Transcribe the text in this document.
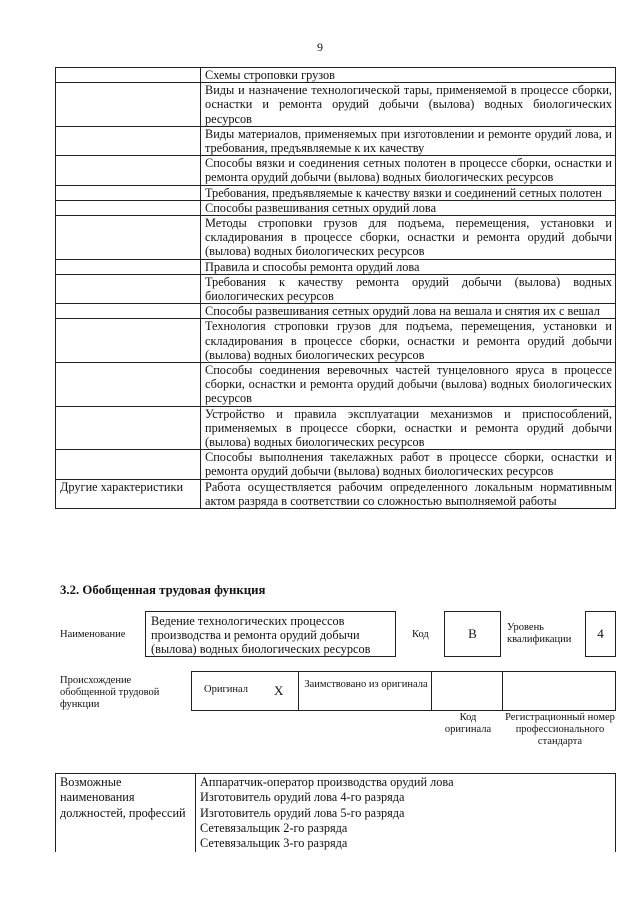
9
	Схемы строповки грузов
	Виды и назначение технологической тары, применяемой в процессе сборки, оснастки и ремонта орудий добычи (вылова) водных биологических ресурсов
	Виды материалов, применяемых при изготовлении и ремонте орудий лова, и требования, предъявляемые к их качеству
	Способы вязки и соединения сетных полотен в процессе сборки, оснастки и ремонта орудий добычи (вылова) водных биологических ресурсов
	Требования, предъявляемые к качеству вязки и соединений сетных полотен
	Способы развешивания сетных орудий лова
	Методы строповки грузов для подъема, перемещения, установки и складирования в процессе сборки, оснастки и ремонта орудий добычи (вылова) водных биологических ресурсов
	Правила и способы ремонта орудий лова
	Требования к качеству ремонта орудий добычи (вылова) водных биологических ресурсов
	Способы развешивания сетных орудий лова на вешала и снятия их с вешал
	Технология строповки грузов для подъема, перемещения, установки и складирования в процессе сборки, оснастки и ремонта орудий добычи (вылова) водных биологических ресурсов
	Способы соединения веревочных частей тунцеловного яруса в процессе сборки, оснастки и ремонта орудий добычи (вылова) водных биологических ресурсов
	Устройство и правила эксплуатации механизмов и приспособлений, применяемых в процессе сборки, оснастки и ремонта орудий добычи (вылова) водных биологических ресурсов
	Способы выполнения такелажных работ в процессе сборки, оснастки и ремонта орудий добычи (вылова) водных биологических ресурсов
Другие характеристики	Работа осуществляется рабочим определенного локальным нормативным актом разряда в соответствии со сложностью выполняемой работы
3.2. Обобщенная трудовая функция
Наименование
Ведение технологических процессов производства и ремонта орудий добычи (вылова) водных биологических ресурсов
Код	B	Уровень квалификации	4
Происхождение обобщенной трудовой функции
Оригинал X Заимствовано из оригинала
Код оригинала
Регистрационный номер профессионального стандарта
Возможные наименования должностей, профессий	
Аппаратчик-оператор производства орудий лова
Изготовитель орудий лова 4-го разряда
Изготовитель орудий лова 5-го разряда
Сетевязальщик 2-го разряда
Сетевязальщик 3-го разряда
